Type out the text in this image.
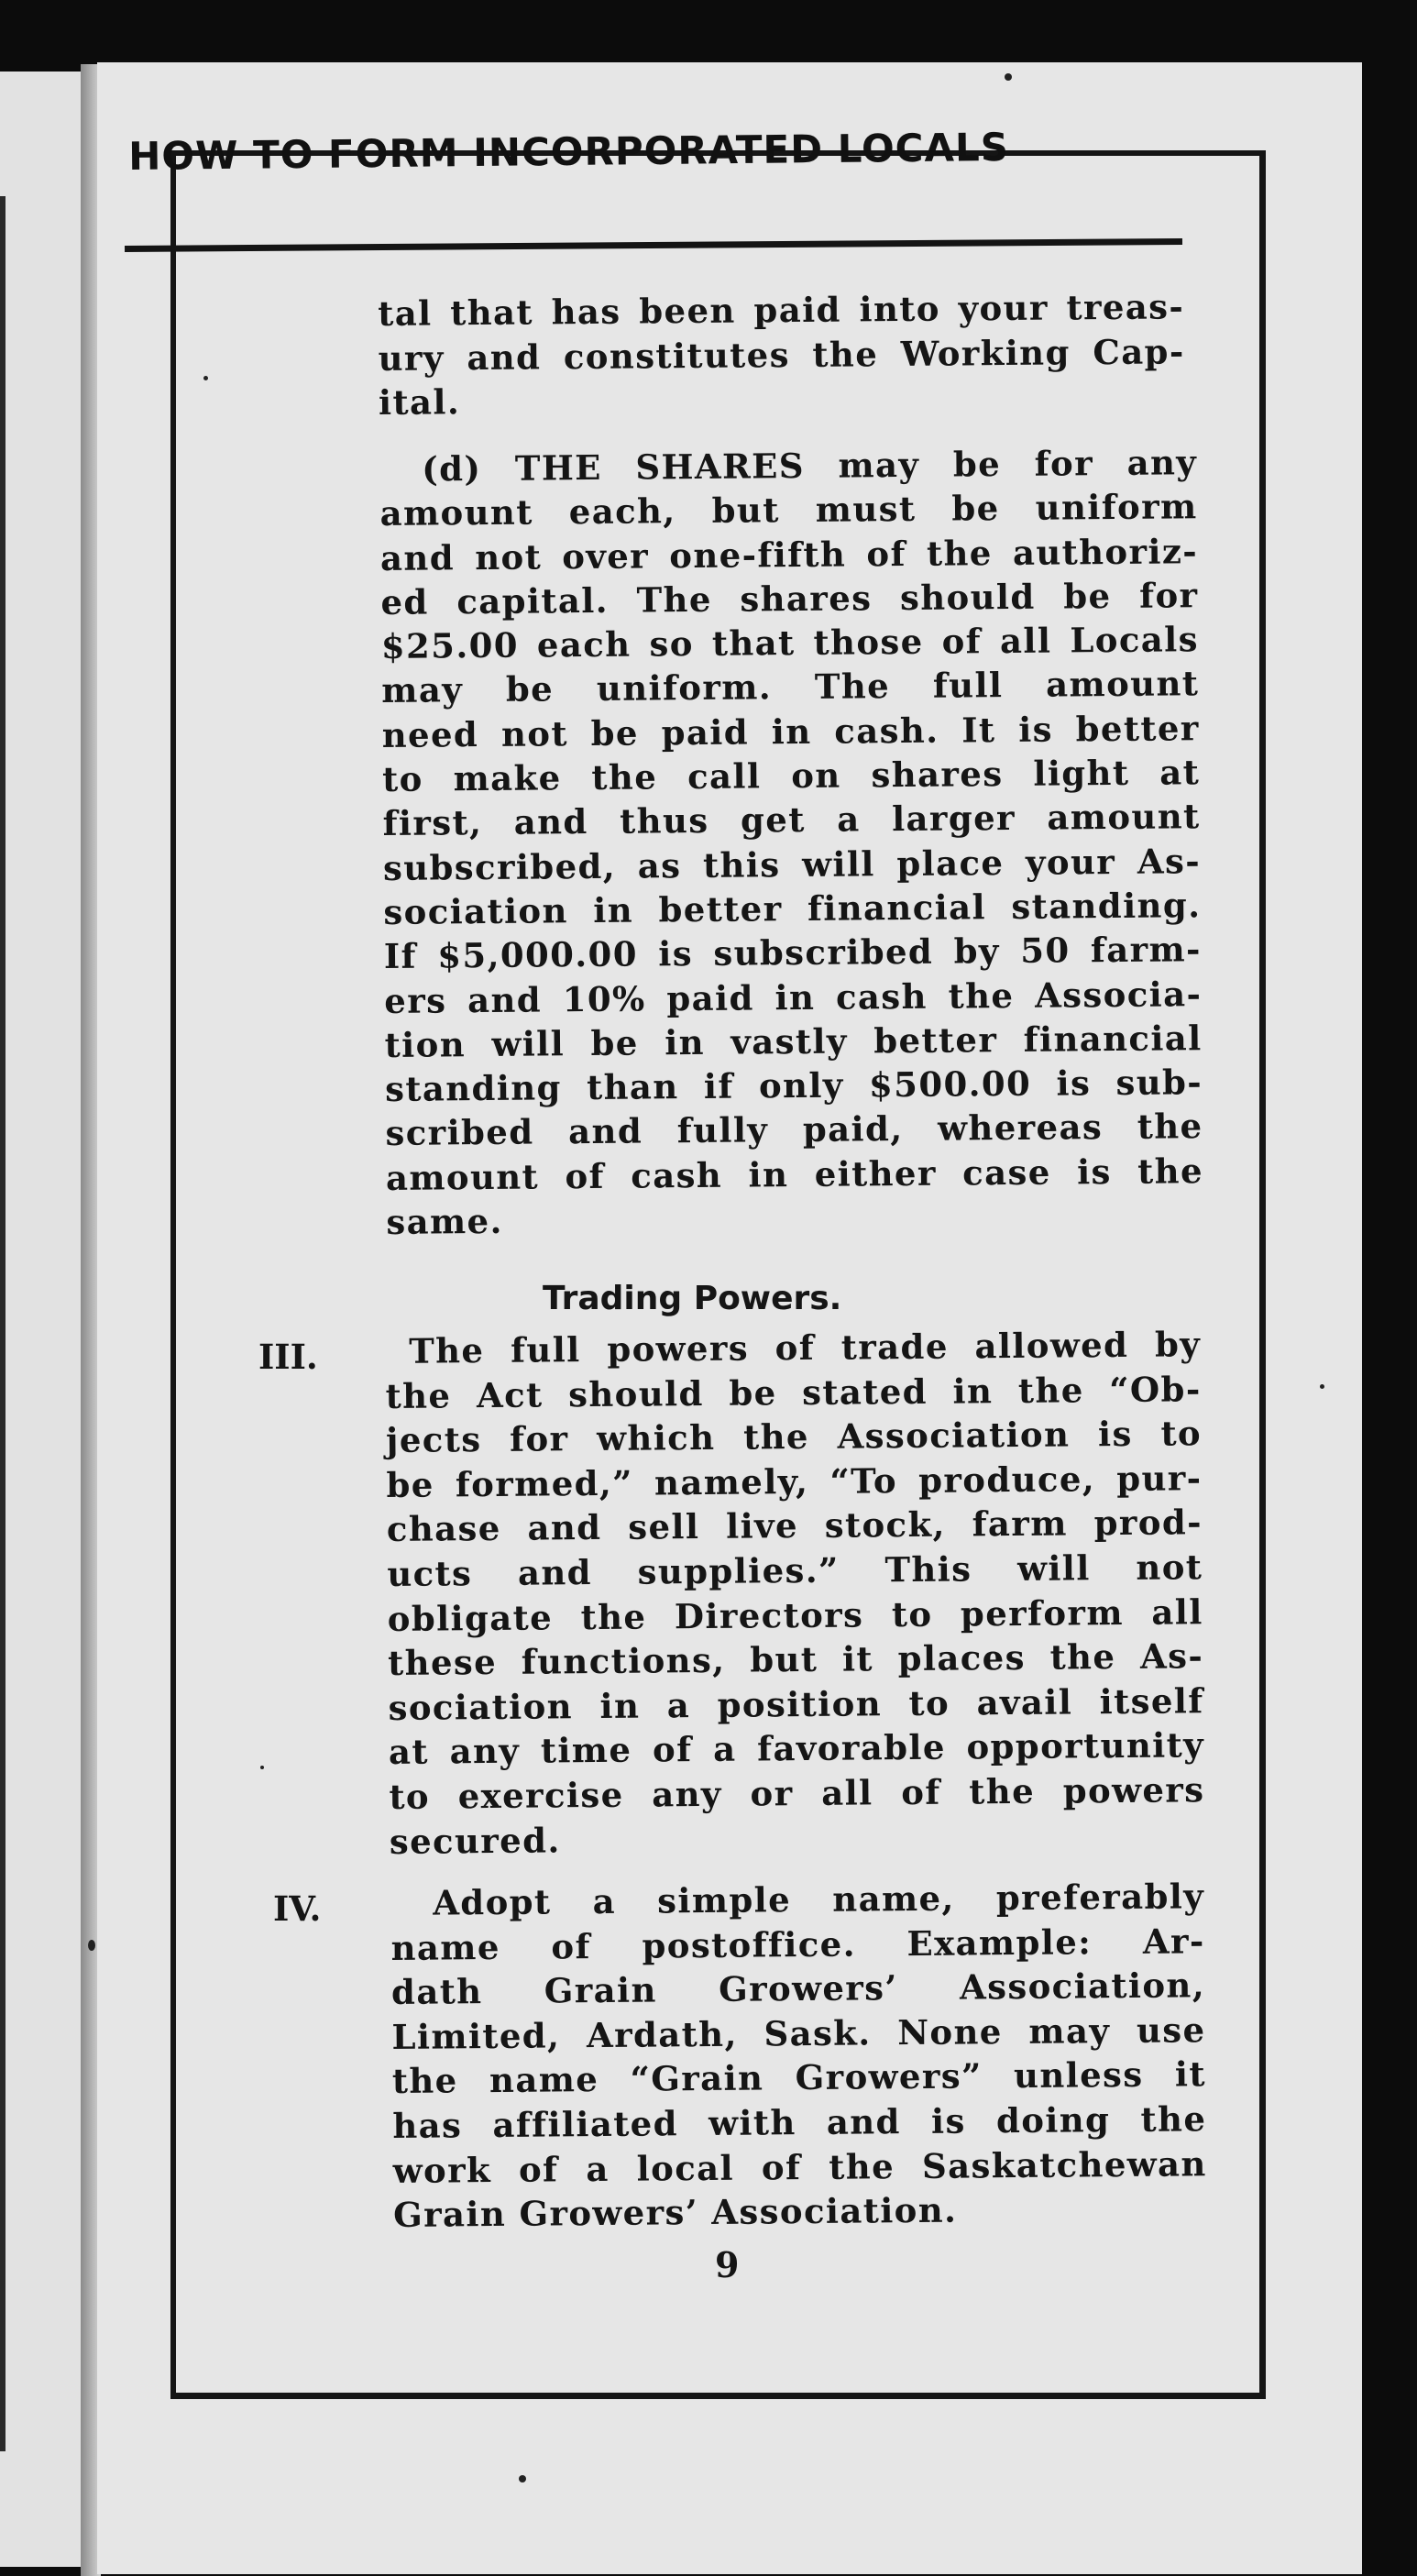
HOW TO FORM INCORPORATED LOCALS
tal that has been paid into your treas-
ury and constitutes the Working Cap-
ital.
(d) THE SHARES may be for any
amount each, but must be uniform
and not over one-fifth of the authoriz-
ed capital. The shares should be for
$25.00 each so that those of all Locals
may be uniform. The full amount
need not be paid in cash. It is better
to make the call on shares light at
first, and thus get a larger amount
subscribed, as this will place your As-
sociation in better financial standing.
If $5,000.00 is subscribed by 50 farm-
ers and 10% paid in cash the Associa-
tion will be in vastly better financial
standing than if only $500.00 is sub-
scribed and fully paid, whereas the
amount of cash in either case is the
same.
Trading Powers.
III.	The full powers of trade allowed by
the Act should be stated in the “Ob-
jects for which the Association is to
be formed,” namely, “To produce, pur-
chase and sell live stock, farm prod-
ucts and supplies.” This will not
obligate the Directors to perform all
these functions, but it places the As-
sociation in a position to avail itself
at any time of a favorable opportunity
to exercise any or all of the powers
secured.
IV.	Adopt a simple name, preferably
name of postoffice. Example: Ar-
dath Grain Growers’ Association,
Limited, Ardath, Sask. None may use
the name “Grain Growers” unless it
has affiliated with and is doing the
work of a local of the Saskatchewan
Grain Growers’ Association.
9
